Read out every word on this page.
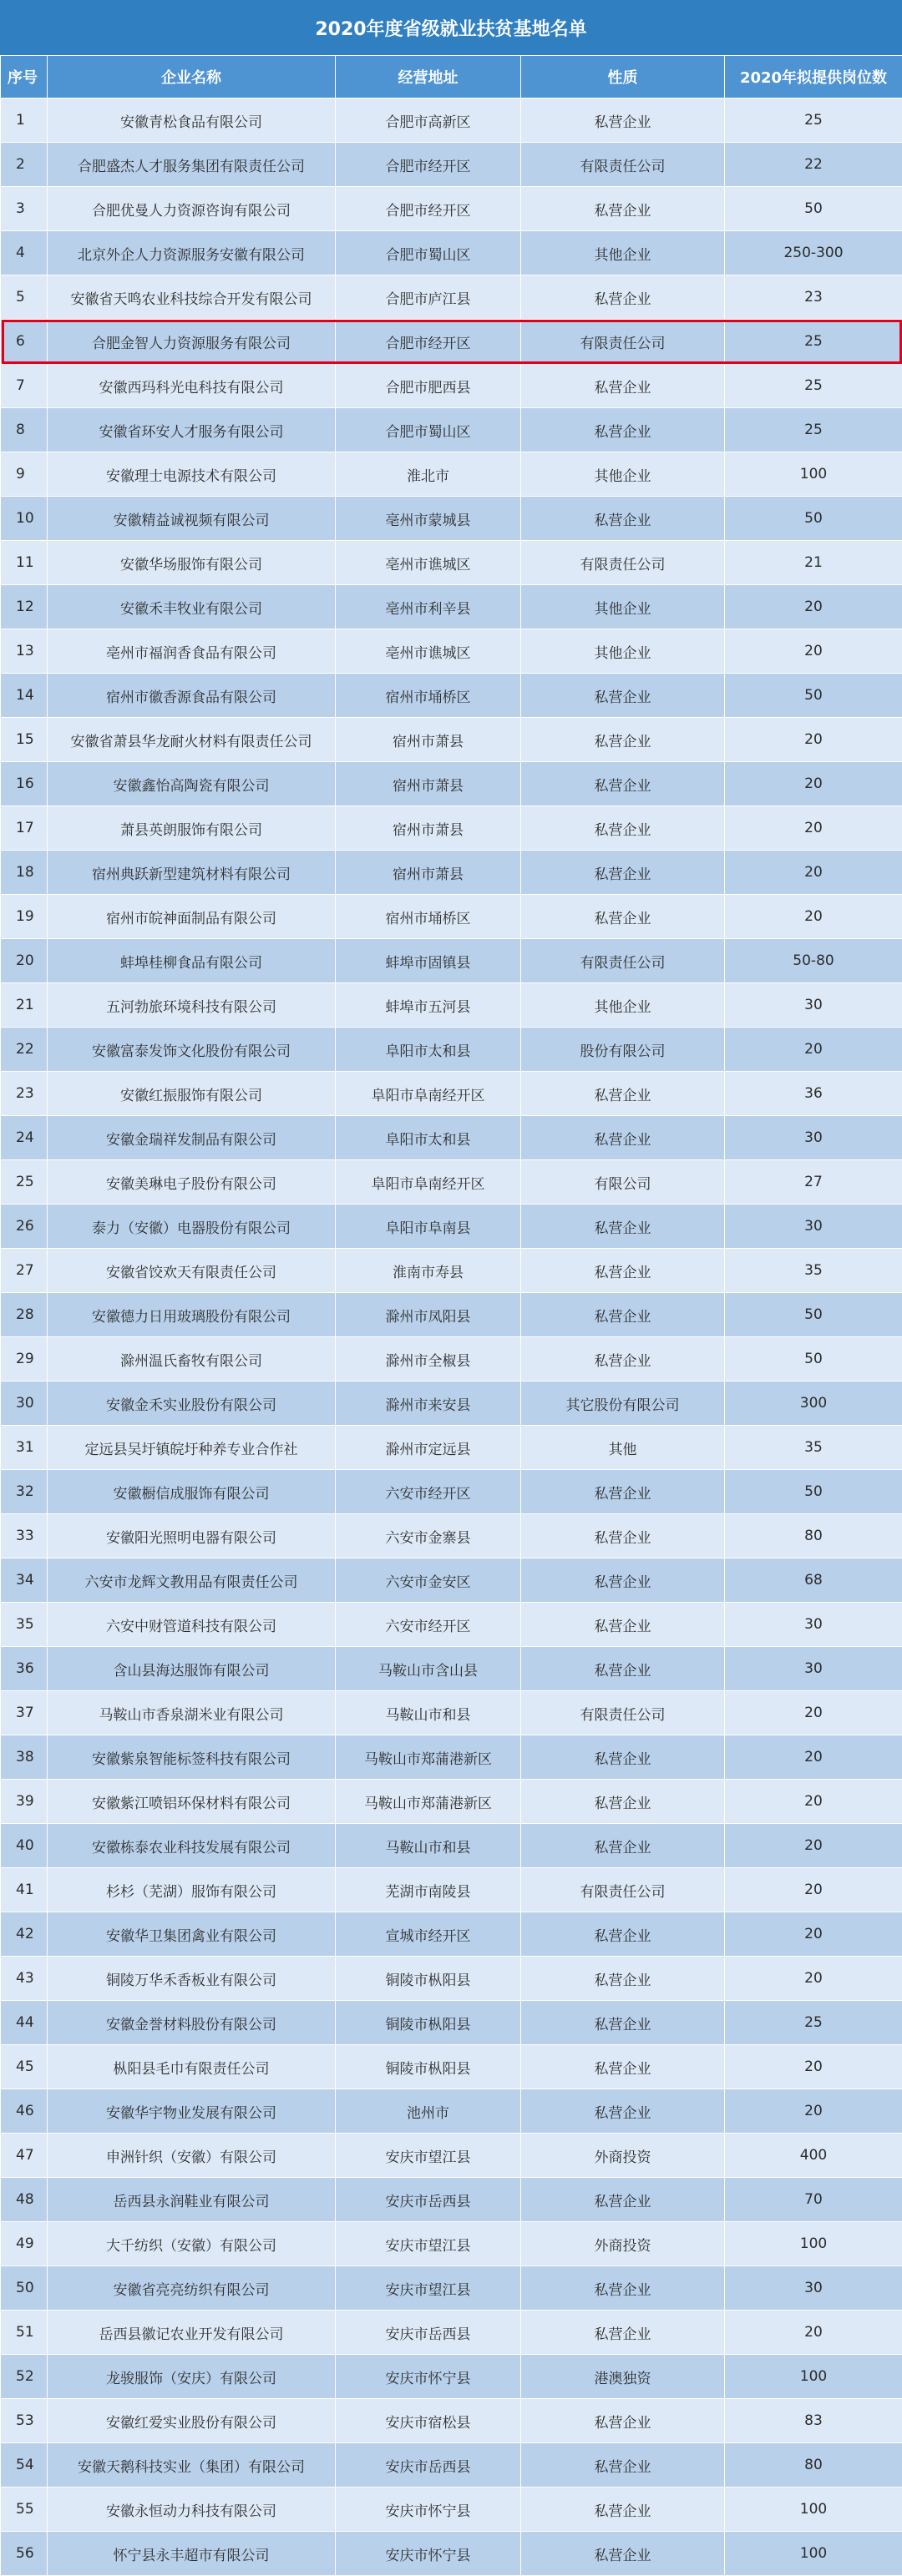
2020年度省级就业扶贫基地名单
序号	企业名称	经营地址	性质	2020年拟提供岗位数
1	安徽青松食品有限公司	合肥市高新区	私营企业	25
2	合肥盛杰人才服务集团有限责任公司	合肥市经开区	有限责任公司	22
3	合肥优曼人力资源咨询有限公司	合肥市经开区	私营企业	50
4	北京外企人力资源服务安徽有限公司	合肥市蜀山区	其他企业	250-300
5	安徽省天鸣农业科技综合开发有限公司	合肥市庐江县	私营企业	23
6	合肥金智人力资源服务有限公司	合肥市经开区	有限责任公司	25
7	安徽西玛科光电科技有限公司	合肥市肥西县	私营企业	25
8	安徽省环安人才服务有限公司	合肥市蜀山区	私营企业	25
9	安徽理士电源技术有限公司	淮北市	其他企业	100
10	安徽精益诚视频有限公司	亳州市蒙城县	私营企业	50
11	安徽华场服饰有限公司	亳州市谯城区	有限责任公司	21
12	安徽禾丰牧业有限公司	亳州市利辛县	其他企业	20
13	亳州市福润香食品有限公司	亳州市谯城区	其他企业	20
14	宿州市徽香源食品有限公司	宿州市埇桥区	私营企业	50
15	安徽省萧县华龙耐火材料有限责任公司	宿州市萧县	私营企业	20
16	安徽鑫怡高陶瓷有限公司	宿州市萧县	私营企业	20
17	萧县英朗服饰有限公司	宿州市萧县	私营企业	20
18	宿州典跃新型建筑材料有限公司	宿州市萧县	私营企业	20
19	宿州市皖神面制品有限公司	宿州市埇桥区	私营企业	20
20	蚌埠桂柳食品有限公司	蚌埠市固镇县	有限责任公司	50-80
21	五河勃旅环境科技有限公司	蚌埠市五河县	其他企业	30
22	安徽富泰发饰文化股份有限公司	阜阳市太和县	股份有限公司	20
23	安徽红振服饰有限公司	阜阳市阜南经开区	私营企业	36
24	安徽金瑞祥发制品有限公司	阜阳市太和县	私营企业	30
25	安徽美琳电子股份有限公司	阜阳市阜南经开区	有限公司	27
26	泰力（安徽）电器股份有限公司	阜阳市阜南县	私营企业	30
27	安徽省饺欢天有限责任公司	淮南市寿县	私营企业	35
28	安徽德力日用玻璃股份有限公司	滁州市凤阳县	私营企业	50
29	滁州温氏畜牧有限公司	滁州市全椒县	私营企业	50
30	安徽金禾实业股份有限公司	滁州市来安县	其它股份有限公司	300
31	定远县吴圩镇皖圩种养专业合作社	滁州市定远县	其他	35
32	安徽橱信成服饰有限公司	六安市经开区	私营企业	50
33	安徽阳光照明电器有限公司	六安市金寨县	私营企业	80
34	六安市龙辉文教用品有限责任公司	六安市金安区	私营企业	68
35	六安中财管道科技有限公司	六安市经开区	私营企业	30
36	含山县海达服饰有限公司	马鞍山市含山县	私营企业	30
37	马鞍山市香泉湖米业有限公司	马鞍山市和县	有限责任公司	20
38	安徽紫泉智能标签科技有限公司	马鞍山市郑蒲港新区	私营企业	20
39	安徽紫江喷铝环保材料有限公司	马鞍山市郑蒲港新区	私营企业	20
40	安徽栋泰农业科技发展有限公司	马鞍山市和县	私营企业	20
41	杉杉（芜湖）服饰有限公司	芜湖市南陵县	有限责任公司	20
42	安徽华卫集团禽业有限公司	宣城市经开区	私营企业	20
43	铜陵万华禾香板业有限公司	铜陵市枞阳县	私营企业	20
44	安徽金誉材料股份有限公司	铜陵市枞阳县	私营企业	25
45	枞阳县毛巾有限责任公司	铜陵市枞阳县	私营企业	20
46	安徽华宇物业发展有限公司	池州市	私营企业	20
47	申洲针织（安徽）有限公司	安庆市望江县	外商投资	400
48	岳西县永润鞋业有限公司	安庆市岳西县	私营企业	70
49	大千纺织（安徽）有限公司	安庆市望江县	外商投资	100
50	安徽省亮亮纺织有限公司	安庆市望江县	私营企业	30
51	岳西县徽记农业开发有限公司	安庆市岳西县	私营企业	20
52	龙骏服饰（安庆）有限公司	安庆市怀宁县	港澳独资	100
53	安徽红爱实业股份有限公司	安庆市宿松县	私营企业	83
54	安徽天鹅科技实业（集团）有限公司	安庆市岳西县	私营企业	80
55	安徽永恒动力科技有限公司	安庆市怀宁县	私营企业	100
56	怀宁县永丰超市有限公司	安庆市怀宁县	私营企业	100
